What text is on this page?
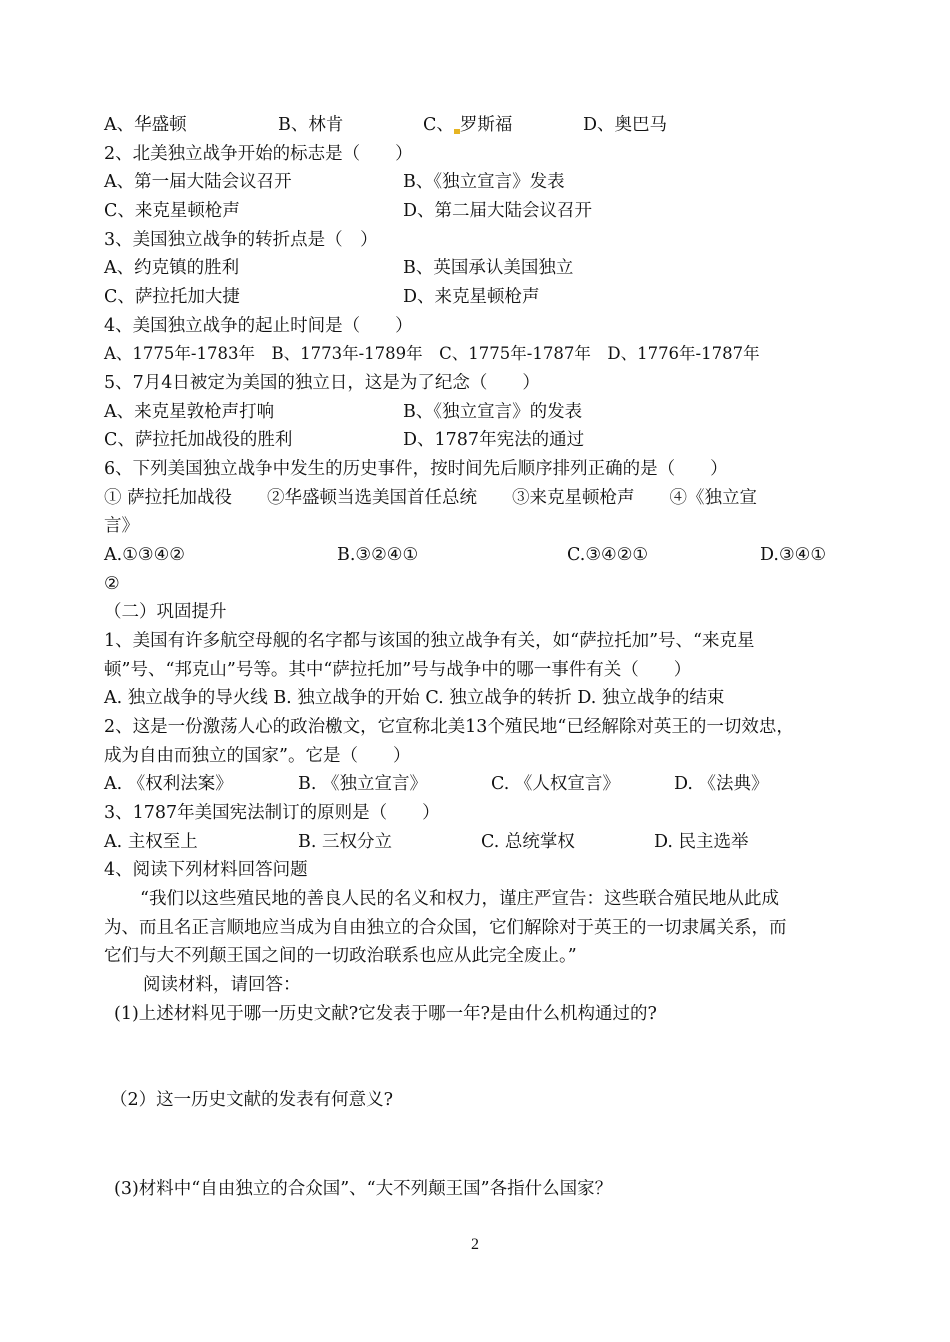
A、华盛顿	B、林肯	C、 罗斯福	D、奥巴马
2、北美独立战争开始的标志是（　　）
A、第一届大陆会议召开	B、《独立宣言》发表
C、来克星顿枪声	D、第二届大陆会议召开
3、美国独立战争的转折点是（　）
A、约克镇的胜利	B、英国承认美国独立
C、萨拉托加大捷	D、来克星顿枪声
4、美国独立战争的起止时间是（　　）
A、1775年-1783年　B、1773年-1789年　C、1775年-1787年　D、1776年-1787年
5、7月4日被定为美国的独立日，这是为了纪念（　　）
A、来克星敦枪声打响	B、《独立宣言》的发表
C、萨拉托加战役的胜利	D、1787年宪法的通过
6、下列美国独立战争中发生的历史事件，按时间先后顺序排列正确的是（　　）
① 萨拉托加战役　　②华盛顿当选美国首任总统　　③来克星顿枪声　　④《独立宣
言》
A.①③④②	B.③②④①	C.③④②①	D.③④①
②
（二）巩固提升
1、美国有许多航空母舰的名字都与该国的独立战争有关，如“萨拉托加”号、“来克星
顿”号、“邦克山”号等。其中“萨拉托加”号与战争中的哪一事件有关（　　）
A. 独立战争的导火线 B. 独立战争的开始 C. 独立战争的转折 D. 独立战争的结束
2、这是一份激荡人心的政治檄文，它宣称北美13个殖民地“已经解除对英王的一切效忠，
成为自由而独立的国家”。它是（　　）
A. 《权利法案》	B. 《独立宣言》	C. 《人权宣言》	D. 《法典》
3、1787年美国宪法制订的原则是（　　）
A. 主权至上	B. 三权分立	C. 总统掌权	D. 民主选举
4、阅读下列材料回答问题
“我们以这些殖民地的善良人民的名义和权力，谨庄严宣告：这些联合殖民地从此成
为、而且名正言顺地应当成为自由独立的合众国，它们解除对于英王的一切隶属关系，而
它们与大不列颠王国之间的一切政治联系也应从此完全废止。”
阅读材料，请回答：
(1)上述材料见于哪一历史文献?它发表于哪一年?是由什么机构通过的?
（2）这一历史文献的发表有何意义?
(3)材料中“自由独立的合众国”、“大不列颠王国”各指什么国家？
2
